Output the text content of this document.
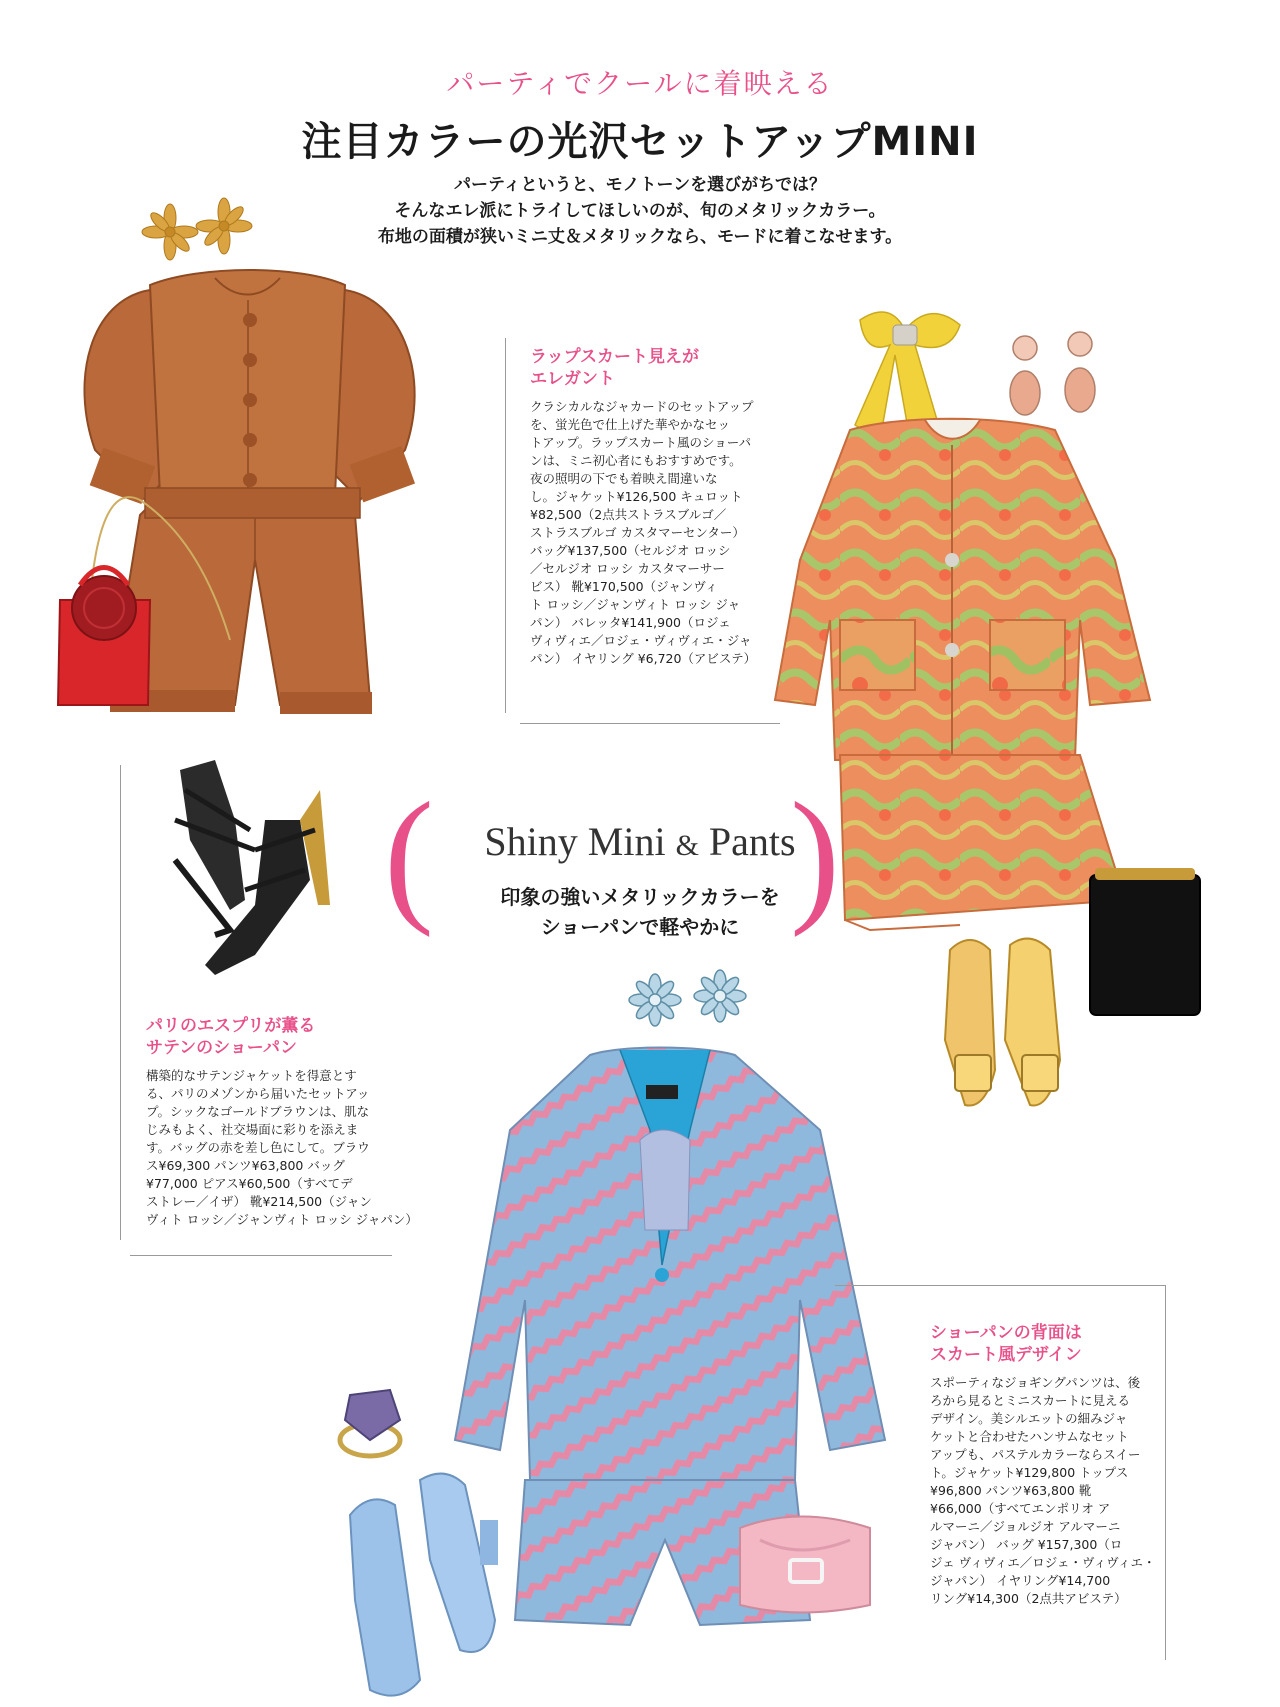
パーティでクールに着映える
注目カラーの光沢セットアップMINI
パーティというと、モノトーンを選びがちでは？
そんなエレ派にトライしてほしいのが、旬のメタリックカラー。
布地の面積が狭いミニ丈＆メタリックなら、モードに着こなせます。
( )
Shiny Mini & Pants
印象の強いメタリックカラーを
ショーパンで軽やかに
ラップスカート見えが
エレガント
クラシカルなジャカードのセットアップ
を、蛍光色で仕上げた華やかなセッ
トアップ。ラップスカート風のショーパ
ンは、ミニ初心者にもおすすめです。
夜の照明の下でも着映え間違いな
し。ジャケット¥126,500 キュロット
¥82,500（2点共ストラスブルゴ／
ストラスブルゴ カスタマーセンター）
バッグ¥137,500（セルジオ ロッシ
／セルジオ ロッシ カスタマーサー
ビス） 靴¥170,500（ジャンヴィ
ト ロッシ／ジャンヴィト ロッシ ジャ
パン） バレッタ¥141,900（ロジェ
ヴィヴィエ／ロジェ・ヴィヴィエ・ジャ
パン） イヤリング ¥6,720（アビステ）
パリのエスプリが薫る
サテンのショーパン
構築的なサテンジャケットを得意とす
る、パリのメゾンから届いたセットアッ
プ。シックなゴールドブラウンは、肌な
じみもよく、社交場面に彩りを添えま
す。バッグの赤を差し色にして。ブラウ
ス¥69,300 パンツ¥63,800 バッグ
¥77,000 ピアス¥60,500（すべてデ
ストレー／イザ） 靴¥214,500（ジャン
ヴィト ロッシ／ジャンヴィト ロッシ ジャパン）
ショーパンの背面は
スカート風デザイン
スポーティなジョギングパンツは、後
ろから見るとミニスカートに見える
デザイン。美シルエットの細みジャ
ケットと合わせたハンサムなセット
アップも、パステルカラーならスイー
ト。ジャケット¥129,800 トップス
¥96,800 パンツ¥63,800 靴
¥66,000（すべてエンポリオ ア
ルマーニ／ジョルジオ アルマーニ
ジャパン） バッグ ¥157,300（ロ
ジェ ヴィヴィエ／ロジェ・ヴィヴィエ・
ジャパン） イヤリング¥14,700
リング¥14,300（2点共アビステ）
